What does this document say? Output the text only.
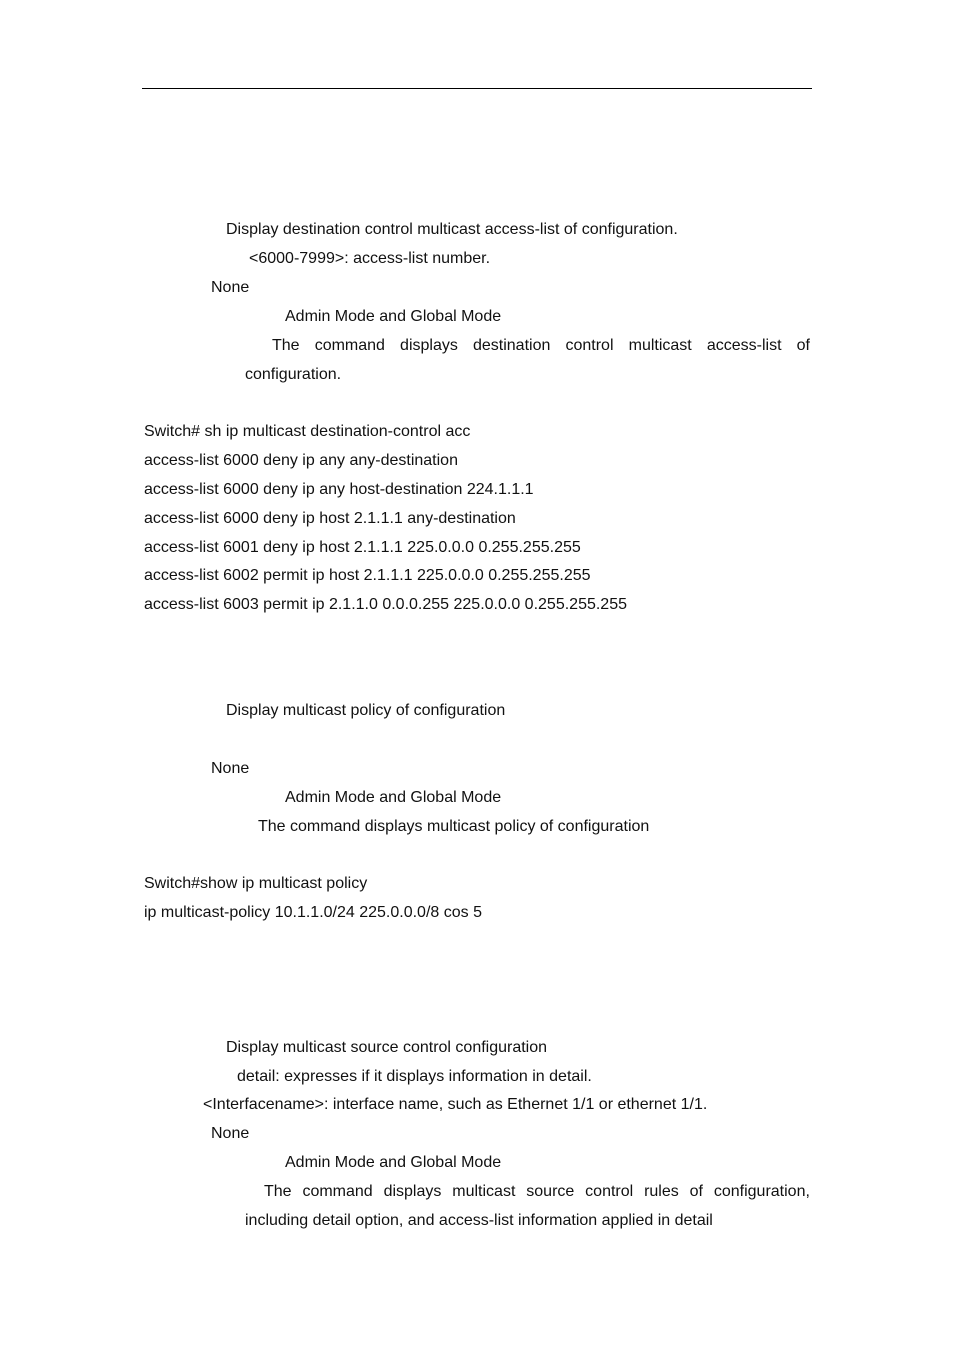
Display destination control multicast access-list of configuration.
<6000-7999>: access-list number.
None
Admin Mode and Global Mode
The command displays destination control multicast access-list of
configuration.
Switch# sh ip multicast destination-control acc
access-list 6000 deny ip any any-destination
access-list 6000 deny ip any host-destination 224.1.1.1
access-list 6000 deny ip host 2.1.1.1 any-destination
access-list 6001 deny ip host 2.1.1.1 225.0.0.0 0.255.255.255
access-list 6002 permit ip host 2.1.1.1 225.0.0.0 0.255.255.255
access-list 6003 permit ip 2.1.1.0 0.0.0.255 225.0.0.0 0.255.255.255
Display multicast policy of configuration
None
Admin Mode and Global Mode
The command displays multicast policy of configuration
Switch#show ip multicast policy
ip multicast-policy 10.1.1.0/24 225.0.0.0/8 cos 5
Display multicast source control configuration
detail: expresses if it displays information in detail.
<Interfacename>: interface name, such as Ethernet 1/1 or ethernet 1/1.
None
Admin Mode and Global Mode
The command displays multicast source control rules of configuration,
including detail option, and access-list information applied in detail
